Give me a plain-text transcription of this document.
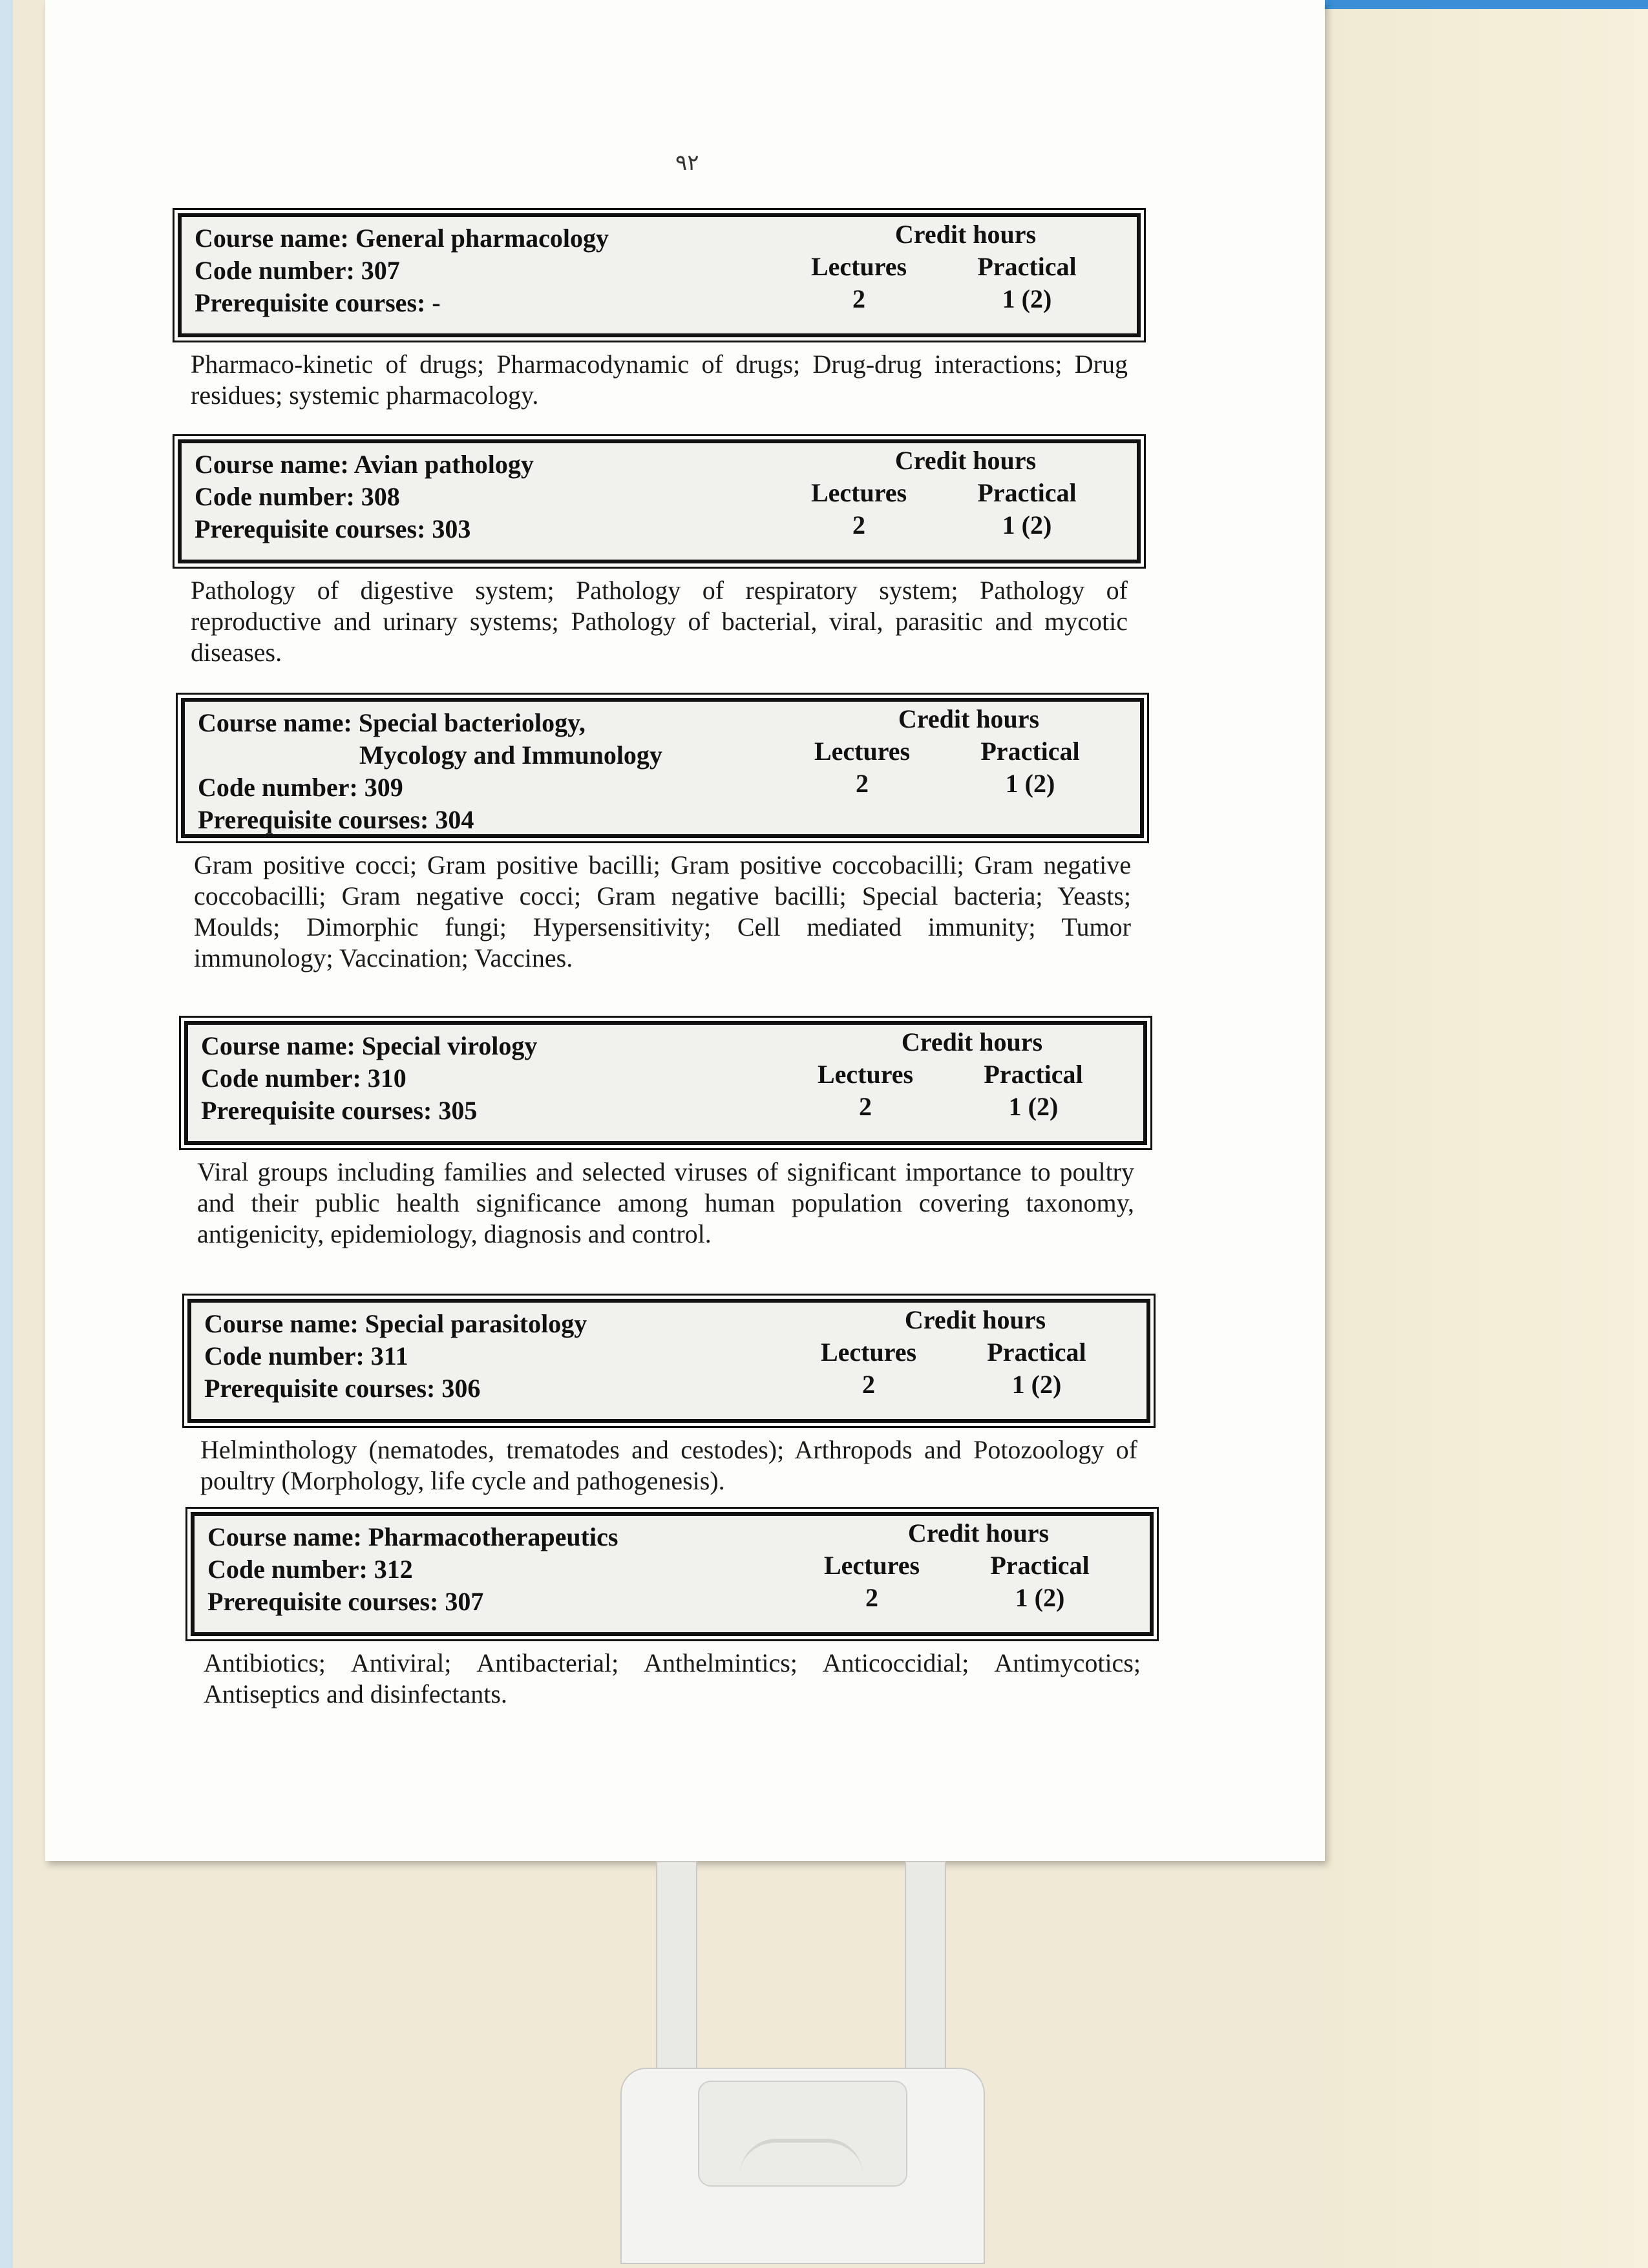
٩٢
Course name: General pharmacology
Code number: 307
Prerequisite courses: -
Credit hours
Lectures	Practical
2	1 (2)
Pharmaco-kinetic of drugs; Pharmacodynamic of drugs; Drug-drug interactions; Drug residues; systemic pharmacology.
Course name: Avian pathology
Code number: 308
Prerequisite courses: 303
Credit hours
Lectures	Practical
2	1 (2)
Pathology of digestive system; Pathology of respiratory system; Pathology of reproductive and urinary systems; Pathology of bacterial, viral, parasitic and mycotic diseases.
Course name: Special bacteriology,
Mycology and Immunology
Code number: 309
Prerequisite courses: 304
Credit hours
Lectures	Practical
2	1 (2)
Gram positive cocci; Gram positive bacilli; Gram positive coccobacilli; Gram negative coccobacilli; Gram negative cocci; Gram negative bacilli; Special bacteria; Yeasts; Moulds; Dimorphic fungi; Hypersensitivity; Cell mediated immunity; Tumor immunology; Vaccination; Vaccines.
Course name: Special virology
Code number: 310
Prerequisite courses: 305
Credit hours
Lectures	Practical
2	1 (2)
Viral groups including families and selected viruses of significant importance to poultry and their public health significance among human population covering taxonomy, antigenicity, epidemiology, diagnosis and control.
Course name: Special parasitology
Code number: 311
Prerequisite courses: 306
Credit hours
Lectures	Practical
2	1 (2)
Helminthology (nematodes, trematodes and cestodes); Arthropods and Potozoology of poultry (Morphology, life cycle and pathogenesis).
Course name: Pharmacotherapeutics
Code number: 312
Prerequisite courses: 307
Credit hours
Lectures	Practical
2	1 (2)
Antibiotics; Antiviral; Antibacterial; Anthelmintics; Anticoccidial; Antimycotics; Antiseptics and disinfectants.
